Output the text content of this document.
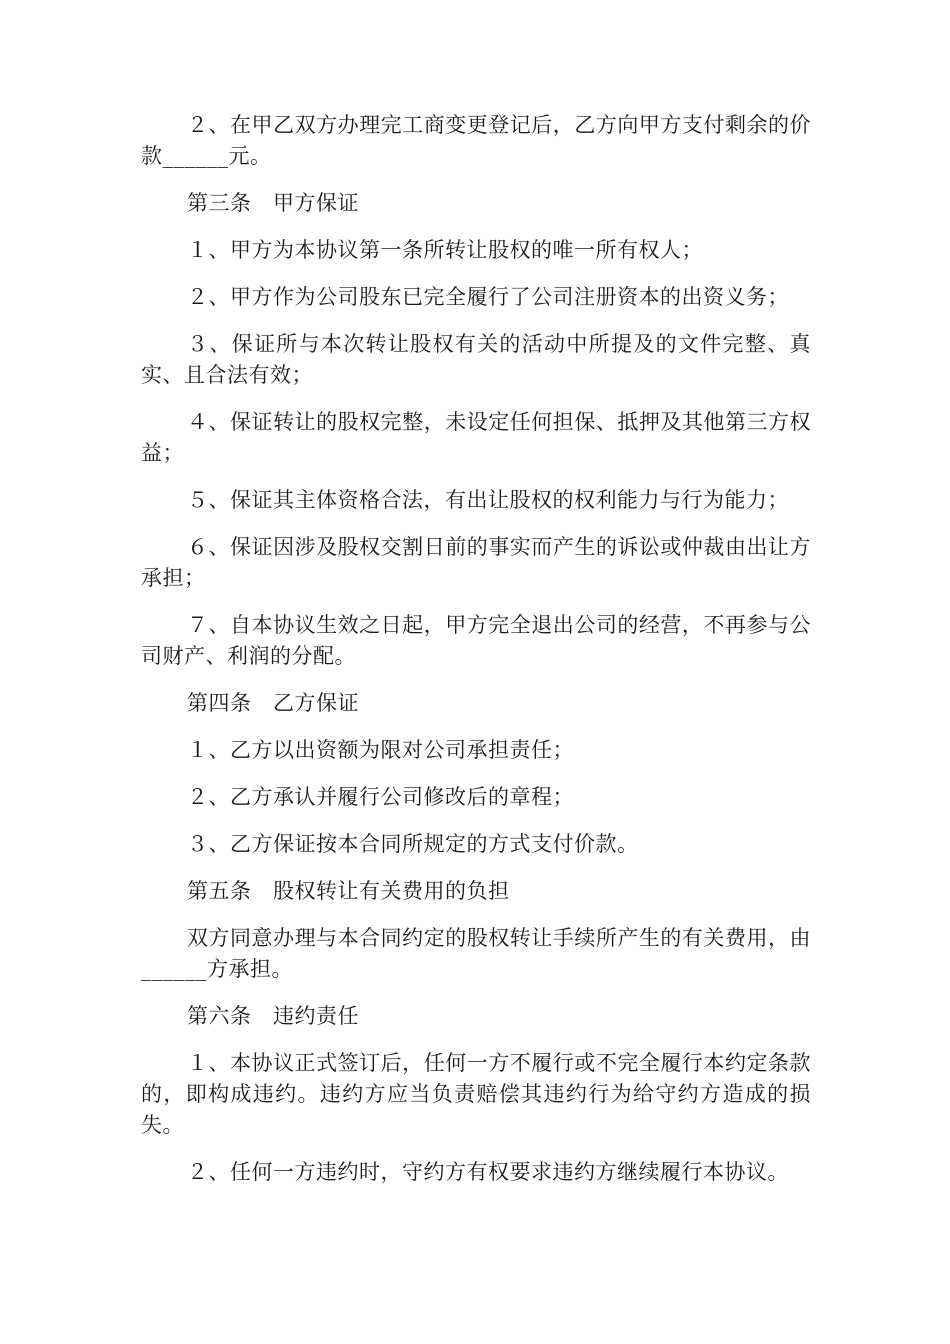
２、在甲乙双方办理完工商变更登记后，乙方向甲方支付剩余的价款______元。

第三条　甲方保证

１、甲方为本协议第一条所转让股权的唯一所有权人；

２、甲方作为公司股东已完全履行了公司注册资本的出资义务；

３、保证所与本次转让股权有关的活动中所提及的文件完整、真实、且合法有效；

４、保证转让的股权完整，未设定任何担保、抵押及其他第三方权益；

５、保证其主体资格合法，有出让股权的权利能力与行为能力；

６、保证因涉及股权交割日前的事实而产生的诉讼或仲裁由出让方承担；

７、自本协议生效之日起，甲方完全退出公司的经营，不再参与公司财产、利润的分配。

第四条　乙方保证

１、乙方以出资额为限对公司承担责任；

２、乙方承认并履行公司修改后的章程；

３、乙方保证按本合同所规定的方式支付价款。

第五条　股权转让有关费用的负担

双方同意办理与本合同约定的股权转让手续所产生的有关费用，由______方承担。

第六条　违约责任

１、本协议正式签订后，任何一方不履行或不完全履行本约定条款的，即构成违约。违约方应当负责赔偿其违约行为给守约方造成的损失。

２、任何一方违约时，守约方有权要求违约方继续履行本协议。
